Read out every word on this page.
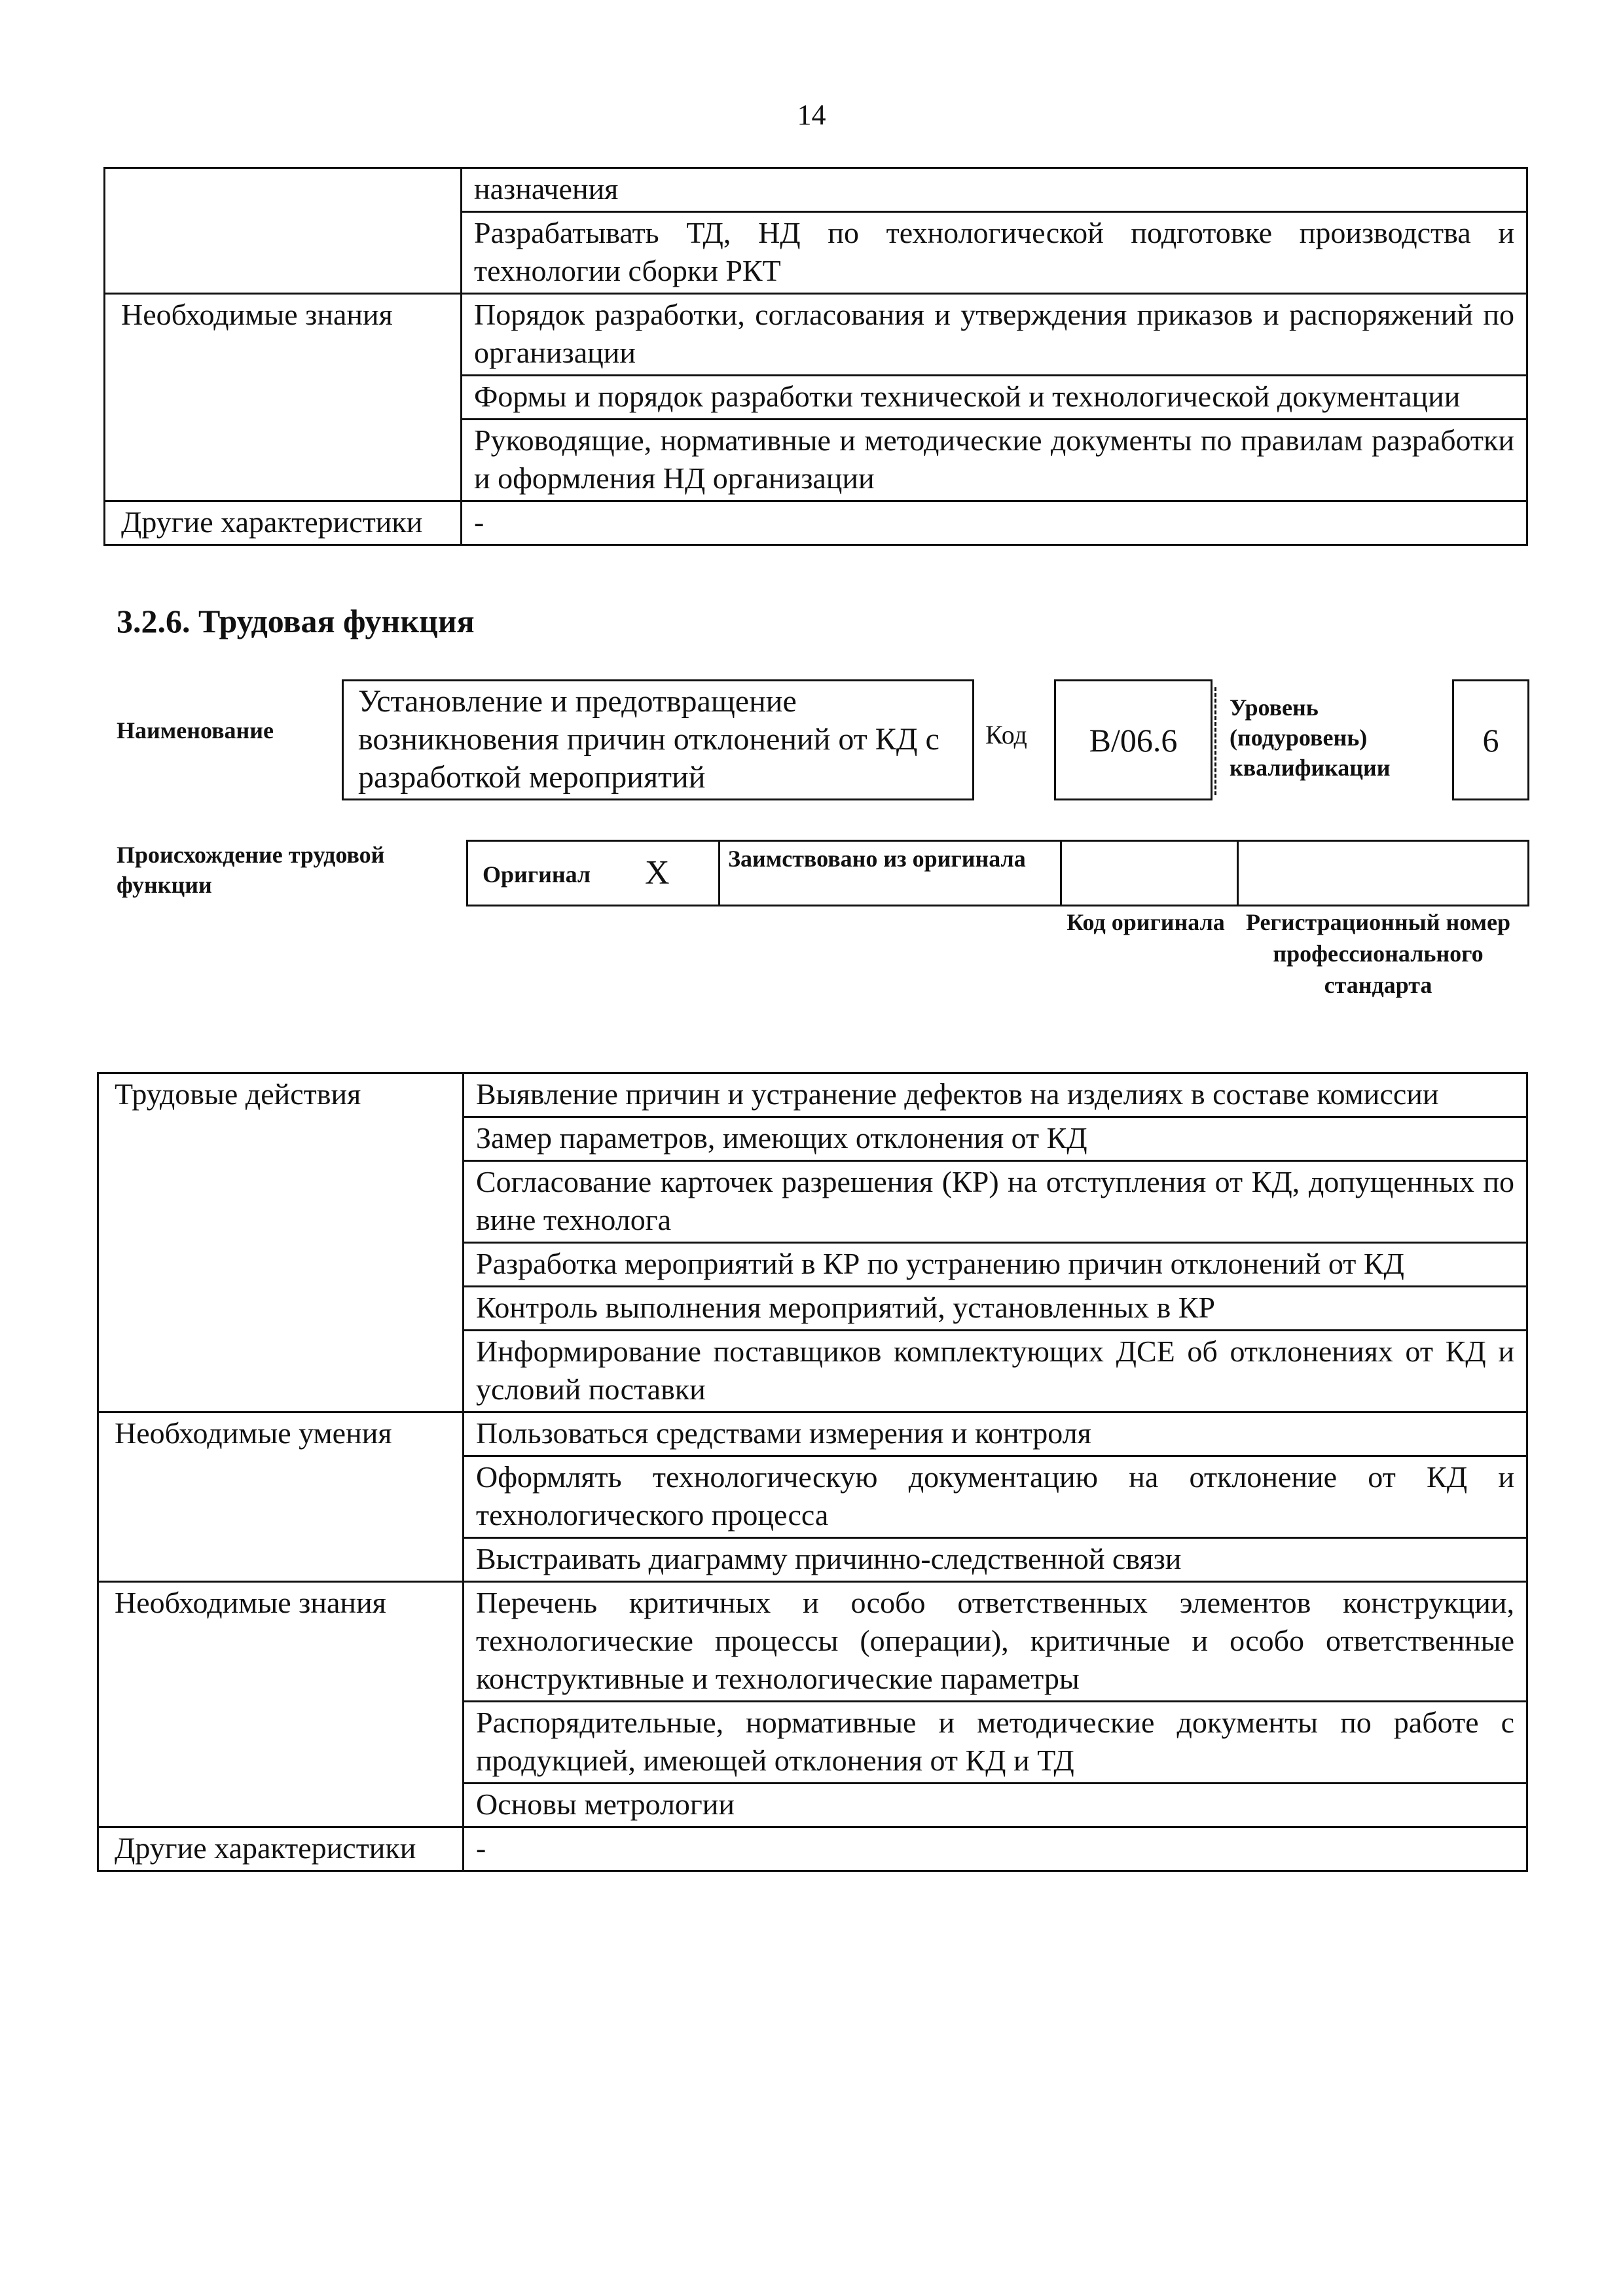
14
	назначения
	Разрабатывать ТД, НД по технологической подготовке производства и технологии сборки РКТ
Необходимые знания	Порядок разработки, согласования и утверждения приказов и распоряжений по организации
	Формы и порядок разработки технической и технологической документации
	Руководящие, нормативные и методические документы по правилам разработки и оформления НД организации
Другие характеристики	-
3.2.6. Трудовая функция
Наименование
Установление и предотвращение возникновения причин отклонений от КД с разработкой мероприятий
Код	B/06.6
Уровень (подуровень) квалификации
6
Происхождение трудовой функции	Оригинал X Заимствовано из оригинала
Код оригинала Регистрационный номер профессионального стандарта
Трудовые действия	Выявление причин и устранение дефектов на изделиях в составе комиссии
	Замер параметров, имеющих отклонения от КД
	Согласование карточек разрешения (КР) на отступления от КД, допущенных по вине технолога
	Разработка мероприятий в КР по устранению причин отклонений от КД
	Контроль выполнения мероприятий, установленных в КР
	Информирование поставщиков комплектующих ДСЕ об отклонениях от КД и условий поставки
Необходимые умения	Пользоваться средствами измерения и контроля
	Оформлять технологическую документацию на отклонение от КД и технологического процесса
	Выстраивать диаграмму причинно-следственной связи
Необходимые знания	Перечень критичных и особо ответственных элементов конструкции, технологические процессы (операции), критичные и особо ответственные конструктивные и технологические параметры
	Распорядительные, нормативные и методические документы по работе с продукцией, имеющей отклонения от КД и ТД
	Основы метрологии
Другие характеристики	-
